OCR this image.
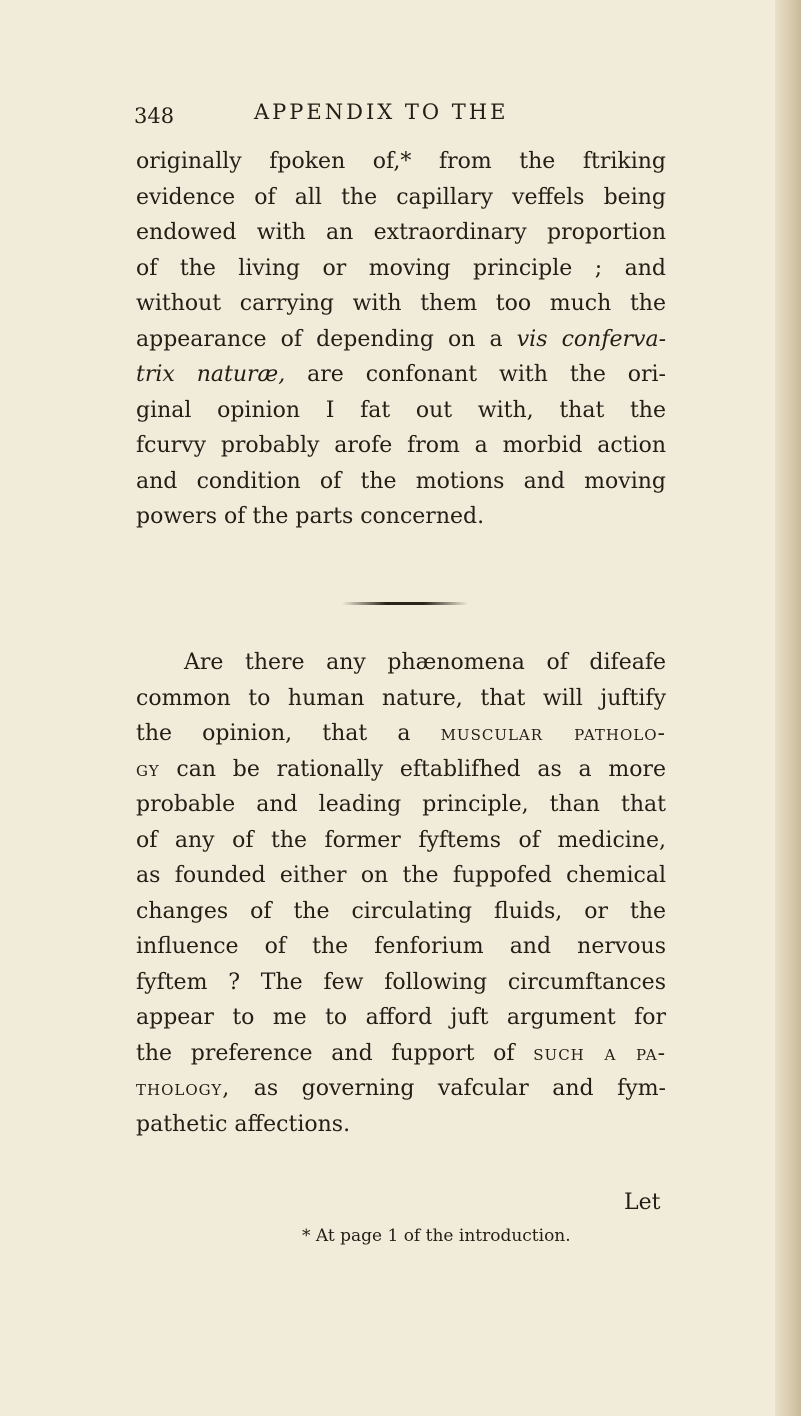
348	APPENDIX TO THE

originally fpoken of,* from the ftriking
evidence of all the capillary veffels being
endowed with an extraordinary proportion
of the living or moving principle ; and
without carrying with them too much the
appearance of depending on a vis conferva-
trix naturæ, are confonant with the ori-
ginal opinion I fat out with, that the
fcurvy probably arofe from a morbid action
and condition of the motions and moving
powers of the parts concerned.

Are there any phænomena of difeafe
common to human nature, that will juftify
the opinion, that a muscular patholo-
gy can be rationally eftablifhed as a more
probable and leading principle, than that
of any of the former fyftems of medicine,
as founded either on the fuppofed chemical
changes of the circulating fluids, or the
influence of the fenforium and nervous
fyftem ? The few following circumftances
appear to me to afford juft argument for
the preference and fupport of such a pa-
thology, as governing vafcular and fym-
pathetic affections.

Let
* At page 1 of the introduction.
